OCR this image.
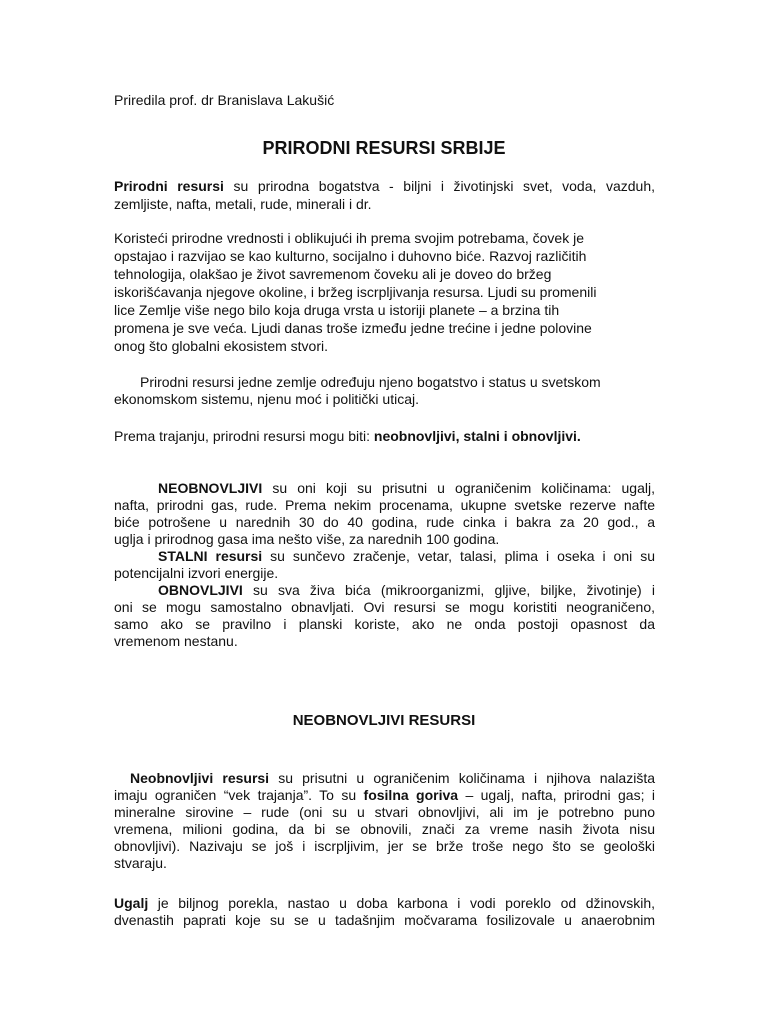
Priredila prof. dr Branislava Lakušić
PRIRODNI RESURSI SRBIJE
Prirodni resursi su prirodna bogatstva - biljni i životinjski svet, voda, vazduh,
zemljiste, nafta, metali, rude, minerali i dr.
Koristeći prirodne vrednosti i oblikujući ih prema svojim potrebama, čovek je
opstajao i razvijao se kao kulturno, socijalno i duhovno biće. Razvoj različitih
tehnologija, olakšao je život savremenom čoveku ali je doveo do bržeg
iskorišćavanja njegove okoline, i bržeg iscrpljivanja resursa. Ljudi su promenili
lice Zemlje više nego bilo koja druga vrsta u istoriji planete – a brzina tih
promena je sve veća. Ljudi danas troše između jedne trećine i jedne polovine
onog što globalni ekosistem stvori.
Prirodni resursi jedne zemlje određuju njeno bogatstvo i status u svetskom
ekonomskom sistemu, njenu moć i politički uticaj.
Prema trajanju, prirodni resursi mogu biti: neobnovljivi, stalni i obnovljivi.
NEOBNOVLJIVI su oni koji su prisutni u ograničenim količinama: ugalj,
nafta, prirodni gas, rude. Prema nekim procenama, ukupne svetske rezerve nafte
biće potrošene u narednih 30 do 40 godina, rude cinka i bakra za 20 god., a
uglja i prirodnog gasa ima nešto više, za narednih 100 godina.
STALNI resursi su sunčevo zračenje, vetar, talasi, plima i oseka i oni su
potencijalni izvori energije.
OBNOVLJIVI su sva živa bića (mikroorganizmi, gljive, biljke, životinje) i
oni se mogu samostalno obnavljati. Ovi resursi se mogu koristiti neograničeno,
samo ako se pravilno i planski koriste, ako ne onda postoji opasnost da
vremenom nestanu.
NEOBNOVLJIVI RESURSI
Neobnovljivi resursi su prisutni u ograničenim količinama i njihova nalazišta
imaju ograničen “vek trajanja”. To su fosilna goriva – ugalj, nafta, prirodni gas; i
mineralne sirovine – rude (oni su u stvari obnovljivi, ali im je potrebno puno
vremena, milioni godina, da bi se obnovili, znači za vreme nasih života nisu
obnovljivi). Nazivaju se još i iscrpljivim, jer se brže troše nego što se geološki
stvaraju.
Ugalj je biljnog porekla, nastao u doba karbona i vodi poreklo od džinovskih,
dvenastih paprati koje su se u tadašnjim močvarama fosilizovale u anaerobnim
